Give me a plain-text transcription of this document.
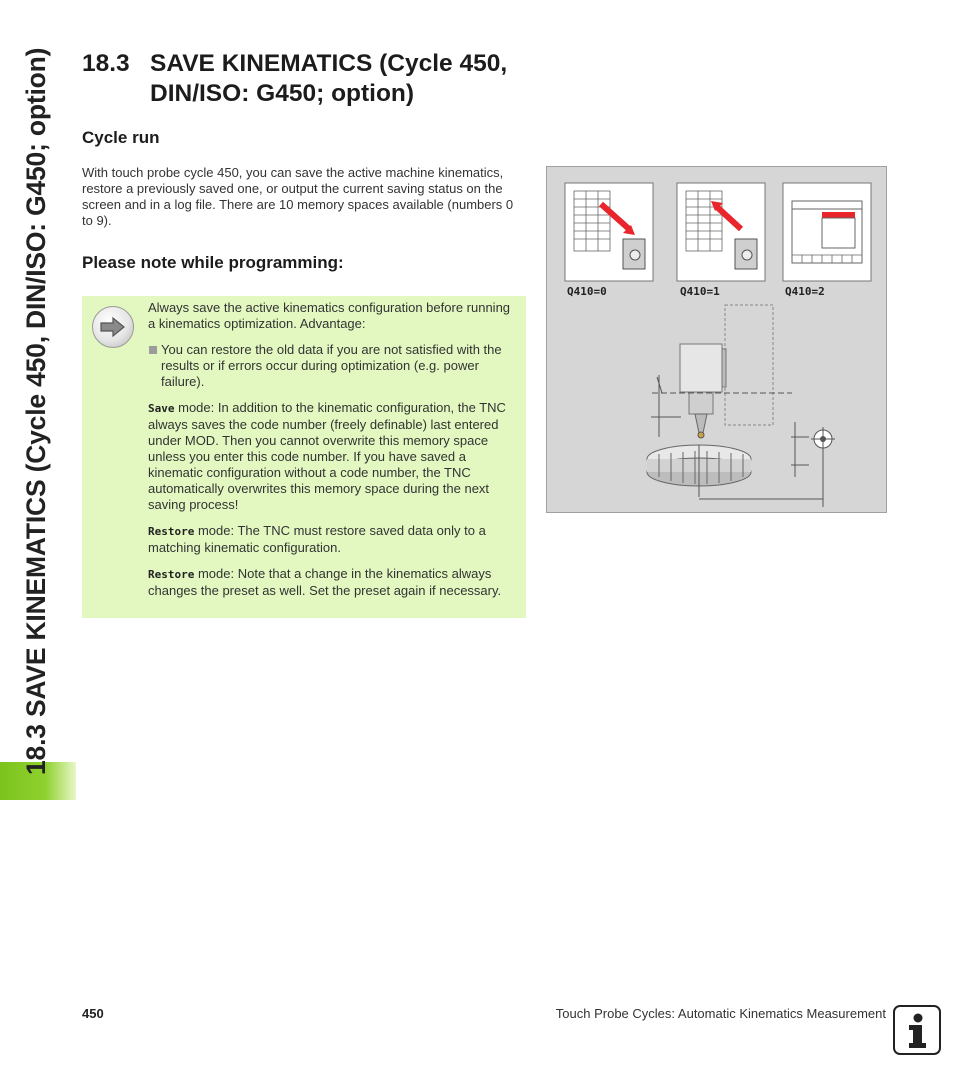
18.3 SAVE KINEMATICS (Cycle 450, DIN/ISO: G450; option)	18.3 SAVE KINEMATICS (Cycle 450,
DIN/ISO: G450; option)
Cycle run
With touch probe cycle 450, you can save the active machine kinematics, restore a previously saved one, or output the current saving status on the screen and in a log file. There are 10 memory spaces available (numbers 0 to 9).
Please note while programming:

Always save the active kinematics configuration before running a kinematics optimization. Advantage:

You can restore the old data if you are not satisfied with the results or if errors occur during optimization (e.g. power failure).

Save mode: In addition to the kinematic configuration, the TNC always saves the code number (freely definable) last entered under MOD. Then you cannot overwrite this memory space unless you enter this code number. If you have saved a kinematic configuration without a code number, the TNC automatically overwrites this memory space during the next saving process!

Restore mode: The TNC must restore saved data only to a matching kinematic configuration.

Restore mode: Note that a change in the kinematics always changes the preset as well. Set the preset again if necessary.

Q410=0	Q410=1	Q410=2
450	Touch Probe Cycles: Automatic Kinematics Measurement
